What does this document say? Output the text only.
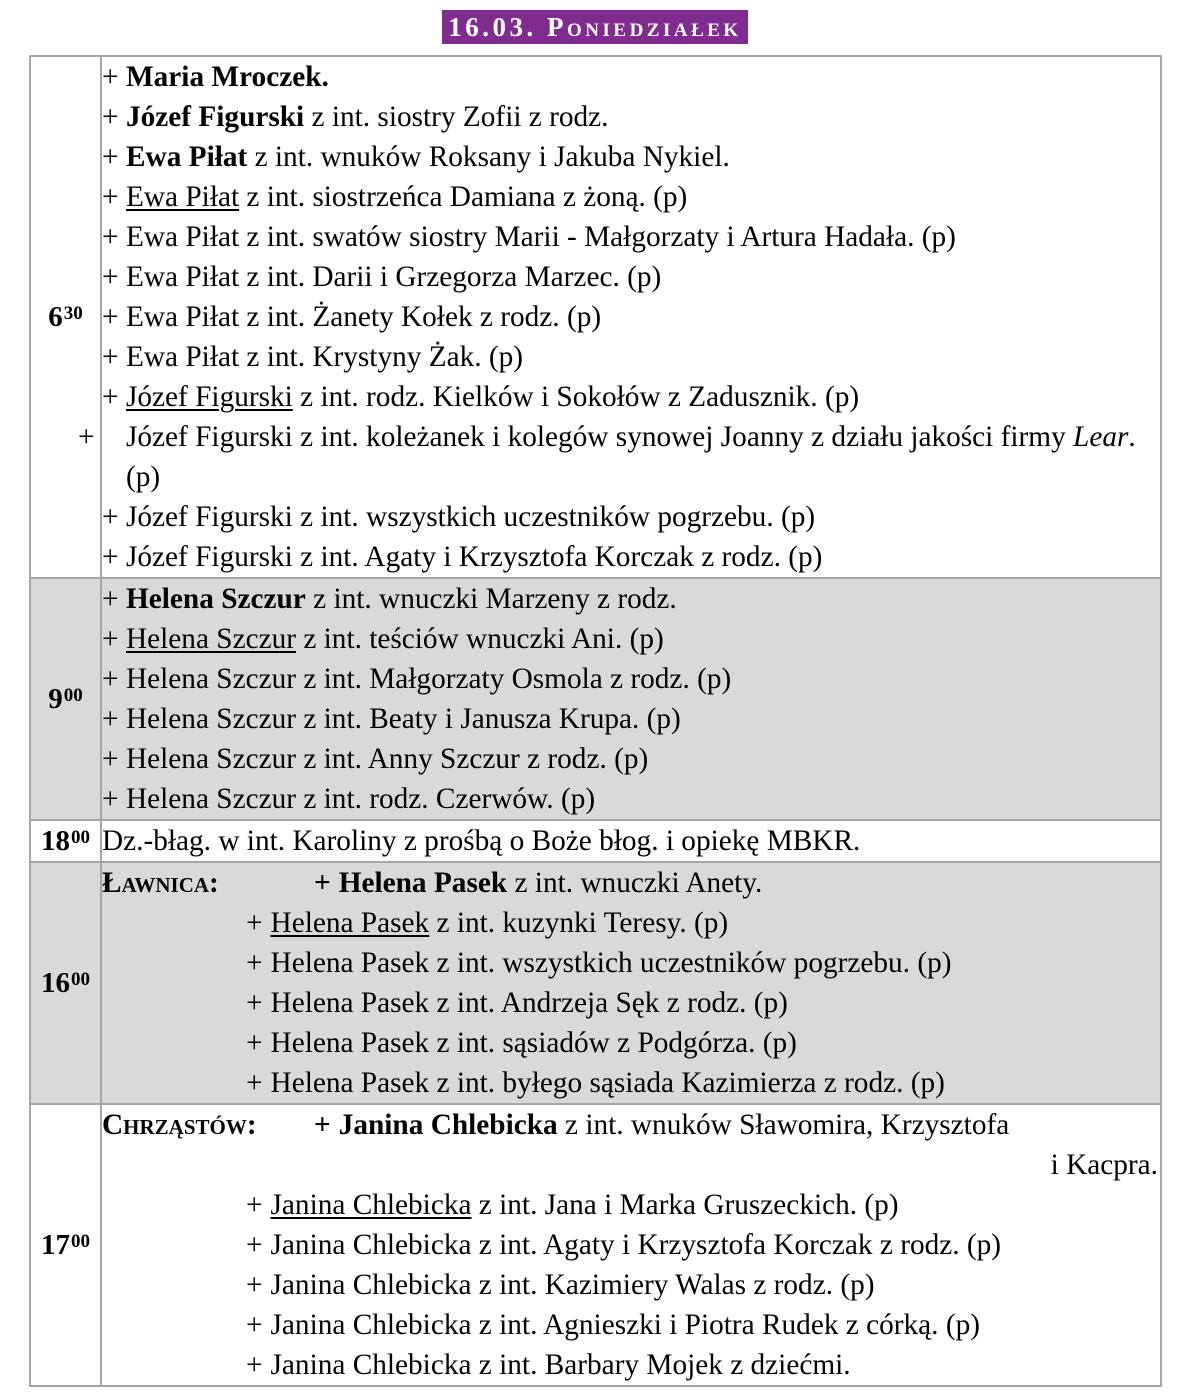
16.03. Poniedziałek
$6^{30}$	
+ Maria Mroczek.
+ Józef Figurski z int. siostry Zofii z rodz.
+ Ewa Piłat z int. wnuków Roksany i Jakuba Nykiel.
+ Ewa Piłat z int. siostrzeńca Damiana z żoną. (p)
+ Ewa Piłat z int. swatów siostry Marii - Małgorzaty i Artura Hadała. (p)
+ Ewa Piłat z int. Darii i Grzegorza Marzec. (p)
+ Ewa Piłat z int. Żanety Kołek z rodz. (p)
+ Ewa Piłat z int. Krystyny Żak. (p)
+ Józef Figurski z int. rodz. Kielków i Sokołów z Zadusznik. (p)
+ Józef Figurski z int. koleżanek i kolegów synowej Joanny z działu jakości firmy Lear. (p)
+ Józef Figurski z int. wszystkich uczestników pogrzebu. (p)
+ Józef Figurski z int. Agaty i Krzysztofa Korczak z rodz. (p)

$9^{00}$	
+ Helena Szczur z int. wnuczki Marzeny z rodz.
+ Helena Szczur z int. teściów wnuczki Ani. (p)
+ Helena Szczur z int. Małgorzaty Osmola z rodz. (p)
+ Helena Szczur z int. Beaty i Janusza Krupa. (p)
+ Helena Szczur z int. Anny Szczur z rodz. (p)
+ Helena Szczur z int. rodz. Czerwów. (p)

$18^{00}$	Dz.-błag. w int. Karoliny z prośbą o Boże błog. i opiekę MBKR.

$16^{00}$	
Ławnica:	+ Helena Pasek z int. wnuczki Anety.
+ Helena Pasek z int. kuzynki Teresy. (p)
+ Helena Pasek z int. wszystkich uczestników pogrzebu. (p)
+ Helena Pasek z int. Andrzeja Sęk z rodz. (p)
+ Helena Pasek z int. sąsiadów z Podgórza. (p)
+ Helena Pasek z int. byłego sąsiada Kazimierza z rodz. (p)

$17^{00}$	
Chrząstów: + Janina Chlebicka z int. wnuków Sławomira, Krzysztofa
i Kacpra.
+ Janina Chlebicka z int. Jana i Marka Gruszeckich. (p)
+ Janina Chlebicka z int. Agaty i Krzysztofa Korczak z rodz. (p)
+ Janina Chlebicka z int. Kazimiery Walas z rodz. (p)
+ Janina Chlebicka z int. Agnieszki i Piotra Rudek z córką. (p)
+ Janina Chlebicka z int. Barbary Mojek z dziećmi.
